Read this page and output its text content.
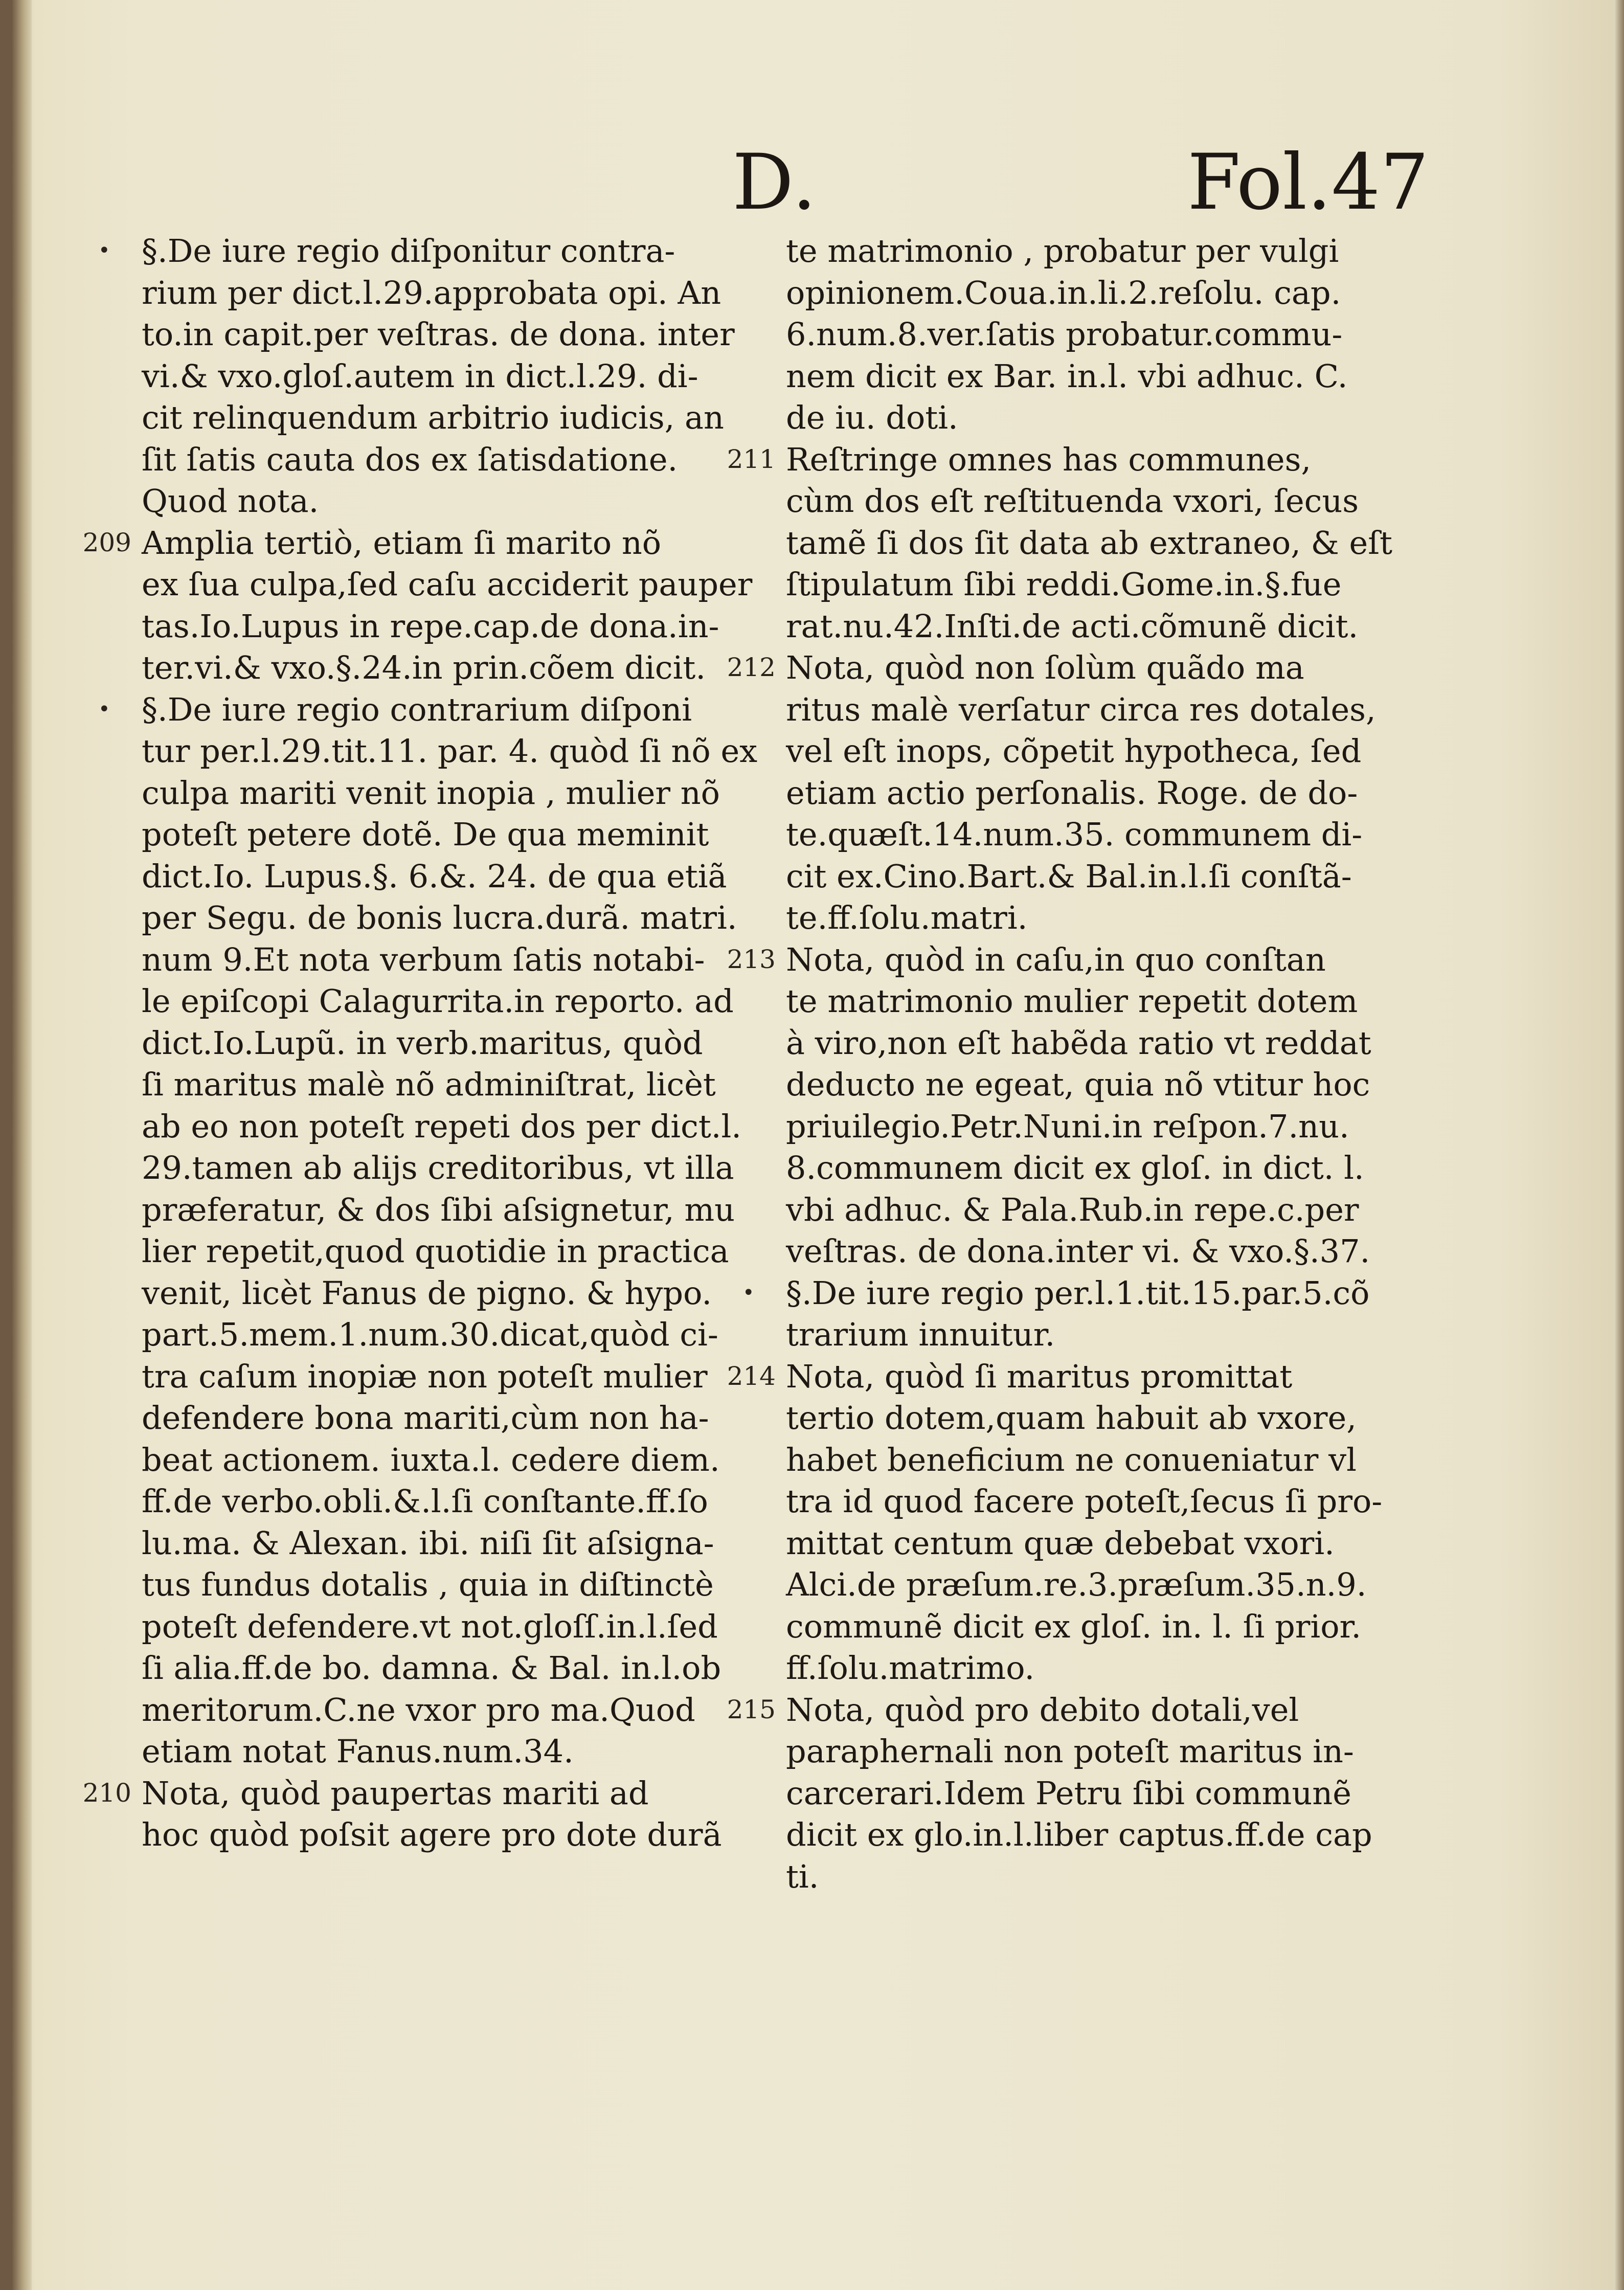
D.	Fol.47
• §.De iure regio diſponitur contra-
rium per dict.l.29.approbata opi. An
to.in capit.per veſtras. de dona. inter
vi.& vxo.gloſ.autem in dict.l.29. di-
cit relinquendum arbitrio iudicis, an
ſit ſatis cauta dos ex ſatisdatione.
Quod nota.
209 Amplia tertiò, etiam ſi marito nõ
ex ſua culpa,ſed caſu acciderit pauper
tas.Io.Lupus in repe.cap.de dona.in-
ter.vi.& vxo.§.24.in prin.cõem dicit.
• §.De iure regio contrarium diſponi
tur per.l.29.tit.11. par. 4. quòd ſi nõ ex
culpa mariti venit inopia , mulier nõ
poteſt petere dotẽ. De qua meminit
dict.Io. Lupus.§. 6.&. 24. de qua etiã
per Segu. de bonis lucra.durã. matri.
num 9.Et nota verbum ſatis notabi-
le epiſcopi Calagurrita.in reporto. ad
dict.Io.Lupũ. in verb.maritus, quòd
ſi maritus malè nõ adminiſtrat, licèt
ab eo non poteſt repeti dos per dict.l.
29.tamen ab alijs creditoribus, vt illa
præferatur, & dos ſibi aſsignetur, mu
lier repetit,quod quotidie in practica
venit, licèt Fanus de pigno. & hypo.
part.5.mem.1.num.30.dicat,quòd ci-
tra caſum inopiæ non poteſt mulier
defendere bona mariti,cùm non ha-
beat actionem. iuxta.l. cedere diem.
ff.de verbo.obli.&.l.ſi conſtante.ff.ſo
lu.ma. & Alexan. ibi. niſi ſit aſsigna-
tus fundus dotalis , quia in diſtinctè
poteſt defendere.vt not.gloſſ.in.l.ſed
ſi alia.ff.de bo. damna. & Bal. in.l.ob
meritorum.C.ne vxor pro ma.Quod
etiam notat Fanus.num.34.
210 Nota, quòd paupertas mariti ad
hoc quòd poſsit agere pro dote durã
te matrimonio , probatur per vulgi
opinionem.Coua.in.li.2.reſolu. cap.
6.num.8.ver.ſatis probatur.commu-
nem dicit ex Bar. in.l. vbi adhuc. C.
de iu. doti.
211 Reſtringe omnes has communes,
cùm dos eſt reſtituenda vxori, ſecus
tamẽ ſi dos ſit data ab extraneo, & eſt
ſtipulatum ſibi reddi.Gome.in.§.fue
rat.nu.42.Inſti.de acti.cõmunẽ dicit.
212 Nota, quòd non ſolùm quãdo ma
ritus malè verſatur circa res dotales,
vel eſt inops, cõpetit hypotheca, ſed
etiam actio perſonalis. Roge. de do-
te.quæſt.14.num.35. communem di-
cit ex.Cino.Bart.& Bal.in.l.ſi conſtã-
te.ff.ſolu.matri.
213 Nota, quòd in caſu,in quo conſtan
te matrimonio mulier repetit dotem
à viro,non eſt habẽda ratio vt reddat
deducto ne egeat, quia nõ vtitur hoc
priuilegio.Petr.Nuni.in reſpon.7.nu.
8.communem dicit ex gloſ. in dict. l.
vbi adhuc. & Pala.Rub.in repe.c.per
veſtras. de dona.inter vi. & vxo.§.37.
• §.De iure regio per.l.1.tit.15.par.5.cõ
trarium innuitur.
214 Nota, quòd ſi maritus promittat
tertio dotem,quam habuit ab vxore,
habet beneficium ne conueniatur vl
tra id quod facere poteſt,ſecus ſi pro-
mittat centum quæ debebat vxori.
Alci.de præſum.re.3.præſum.35.n.9.
communẽ dicit ex gloſ. in. l. ſi prior.
ff.ſolu.matrimo.
215 Nota, quòd pro debito dotali,vel
paraphernali non poteſt maritus in-
carcerari.Idem Petru ſibi communẽ
dicit ex glo.in.l.liber captus.ff.de cap
ti.
